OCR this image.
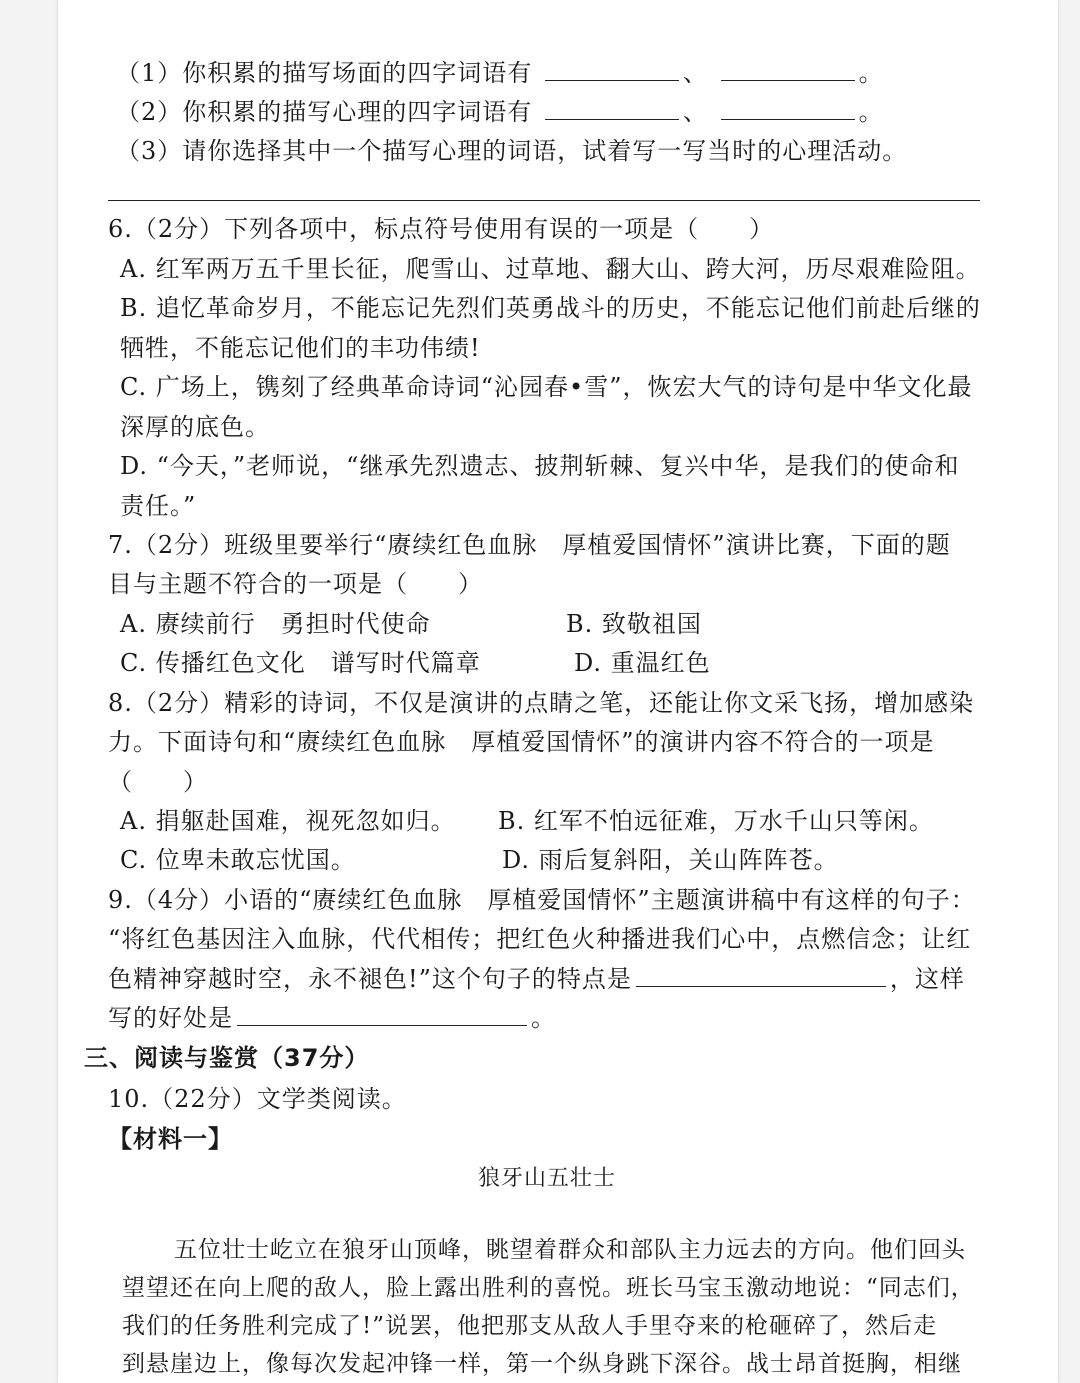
（1）你积累的描写场面的四字词语有	、	。
（2）你积累的描写心理的四字词语有	、	。
（3）请你选择其中一个描写心理的词语，试着写一写当时的心理活动。
6.（2分）下列各项中，标点符号使用有误的一项是（　　）
A. 红军两万五千里长征，爬雪山、过草地、翻大山、跨大河，历尽艰难险阻。
B. 追忆革命岁月，不能忘记先烈们英勇战斗的历史，不能忘记他们前赴后继的
牺牲，不能忘记他们的丰功伟绩!
C. 广场上，镌刻了经典革命诗词“沁园春•雪”，恢宏大气的诗句是中华文化最
深厚的底色。
D. “今天，”老师说，“继承先烈遗志、披荆斩棘、复兴中华，是我们的使命和
责任。”
7.（2分）班级里要举行“赓续红色血脉　厚植爱国情怀”演讲比赛，下面的题
目与主题不符合的一项是（　　）
A. 赓续前行　勇担时代使命	B. 致敬祖国
C. 传播红色文化　谱写时代篇章	D. 重温红色
8.（2分）精彩的诗词，不仅是演讲的点睛之笔，还能让你文采飞扬，增加感染
力。下面诗句和“赓续红色血脉　厚植爱国情怀”的演讲内容不符合的一项是
（　　）
A. 捐躯赴国难，视死忽如归。 B. 红军不怕远征难，万水千山只等闲。
C. 位卑未敢忘忧国。	D. 雨后复斜阳，关山阵阵苍。
9.（4分）小语的“赓续红色血脉　厚植爱国情怀”主题演讲稿中有这样的句子：
“将红色基因注入血脉，代代相传；把红色火种播进我们心中，点燃信念；让红
色精神穿越时空，永不褪色!”这个句子的特点是	，这样
写的好处是	。
三、阅读与鉴赏（37分）
10.（22分）文学类阅读。
【材料一】
狼牙山五壮士
五位壮士屹立在狼牙山顶峰，眺望着群众和部队主力远去的方向。他们回头
望望还在向上爬的敌人，脸上露出胜利的喜悦。班长马宝玉激动地说：“同志们，
我们的任务胜利完成了!”说罢，他把那支从敌人手里夺来的枪砸碎了，然后走
到悬崖边上，像每次发起冲锋一样，第一个纵身跳下深谷。战士昂首挺胸，相继
